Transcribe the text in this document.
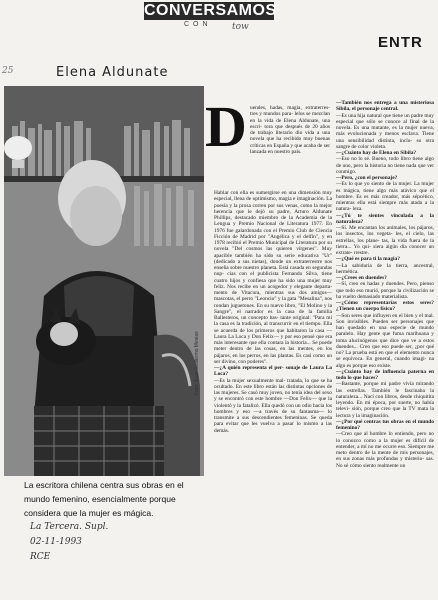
CONVERSAMOS
CON tow
ENTR
25	Elena Aldunate
Foto: Juan Guillermo Mesias
La escritora chilena centra sus obras en el mundo femenino, esencialmente porque considera que la mujer es mágica.
La Tercera. Supl.
02-11-1993
RCE
D uendes, hadas, magia, extraterres- tres y mundos para- lelos se mezclan en la vida de Elena Aldunate, una escri- tora que después de 20 años de trabajo literario dio vida a una novela que ha recibido muy buenas críticas en España y que acaba de ser lanzada en nuestro país.

Hablar con ella es sumergirse en una dimensión muy especial, llena de optimismo, magia e imaginación. La poesía y la prosa corren por sus venas, como la mejor herencia que le dejó su padre, Arturo Aldunate Phillips, destacado miembro de la Academia de la Lengua y Premio Nacional de Literatura 1977. En 1976 fue galardonada con el Premio Club de Ciencia Ficción de Madrid por "Angélica y el delfín", y en 1978 recibió el Premio Municipal de Literatura por su novela "Del cosmos las quieren vírgenes". Muy apacible también ha sido su serie educativa "Ur" (dedicado a sus nietas), donde un extraterrestre nos enseña sobre nuestro planeta. Está casada en segundas nup- cias con el publicista Fernando Silva, tiene cuatro hijos y confiesa que ha sido una mujer muy feliz. Nos recibe en un acogedor y elegante departa- mento de Vitacura, mientras sus dos amigos—mascotas, el perro "Leoncio" y la gata "Mesalina", nos rondan juguetones. En su nuevo libro, "El Molino y la Sangre", el narrador es la casa de la familia Ballesteros, un concepto bas- tante original: "Para mí la casa es la tradición, al transcurrir en el tiempo. Ella se acuerda de los primeros que habitaron la casa —Laura La Loca y Don Felix— y por eso pensé que era más interesante que ella contara la historia... Se puede meter dentro de las cosas, en las mentes, en los pájaros, en los perros, en las plantas. Es casi como un ser divino, con poderes".

—¿A quién representa el per- sonaje de Laura La Loca?

—Es la mujer sexualmente mal- tratada, lo que se ha ocultado. En este libro están las distintas opciones de las mujeres. Se casó muy joven, no tenía idea del sexo y se encontró con este hombre —Don Felix— que la violentó y la fatalizó. Ella quedó con un odio hacia los hombres y eso —a través de su fantasma— lo transmite a sus descendientes femeninas. Se queda para evitar que les vuelva a pasar lo mismo a las demás.

—También nos entrega a una misteriosa Sibila, el personaje central.

—Es una hija natural que tiene un padre muy especial que sólo se conoce al final de la novela. Es una mutante, es la mujer nueva, más evolucionada y menos esclava. Tiene una sensibilidad distinta, inclu- so otra sangre de color violeta.

—¿Cuánto hay de Elena en Sibila?

—Eso no lo sé. Bueno, todo libro tiene algo de uno, pero la historia no tiene nada que ver conmigo.

—Pero, ¿con el personaje?

—Es lo que yo siento de la mujer. La mujer es mágica, tiene algo más atávico que el hombre. Es es más creador, más sépcético, mientras ella está siempre más atada a la natura- leza.

—¿Tú te sientes vinculada a la naturaleza?

—Sí. Me encantan los animales, los pájaros, los insectos, los vegeta- les, el cielo, las estrellas, los plane- tas, la vida fuera de la tierra... Yo qui- siera algún día conocer un extrate- rrestre.

—¿Qué es para ti la magia?

—La sabiduría de la tierra, ancestral, hermética.

—¿Crees en duendes?

—Sí, creo en hadas y duendes. Pero, pienso que todo eso murió, porque la civilización se ha vuelto demasiado materialista.

—¿Cómo representarías estos seres? ¿Tienen un cuerpo físico?

—Son seres que influyen en el bien y el mal. Son invisibles. Pueden ser personajes que han quedado en una especie de mundo paralelo. Hay gente que fuma marihuana y toma alucinógenos que dice que ve a estos duendes... Creo que eso puede ser, ¿por qué no? La prueba está en que el elemento nunca se equivoca. En general, cuando imagi- na algo es porque eso existe.

—¿Cuánto hay de influencia paterna en todo lo que haces?

—Bastante, porque mi padre vivía mirando las estrellas. También le fascinaba la naturaleza... Nací con libros, desde chiquitita leyendo. En mi época, por suerte, no había televi- sión, porque creo que la TV mata la lectura y la imaginación.

—¿Por qué centras tus obras en el mundo femenino?

—Creo que al hombre lo entiendo, pero no lo conozco como a la mujer es difícil de entender, a mí no me ocurre eso. Siempre me meto dentro de la mente de mis personajes, en sus zonas más profundas y misterio- sas. No sé cómo siento realmente un
